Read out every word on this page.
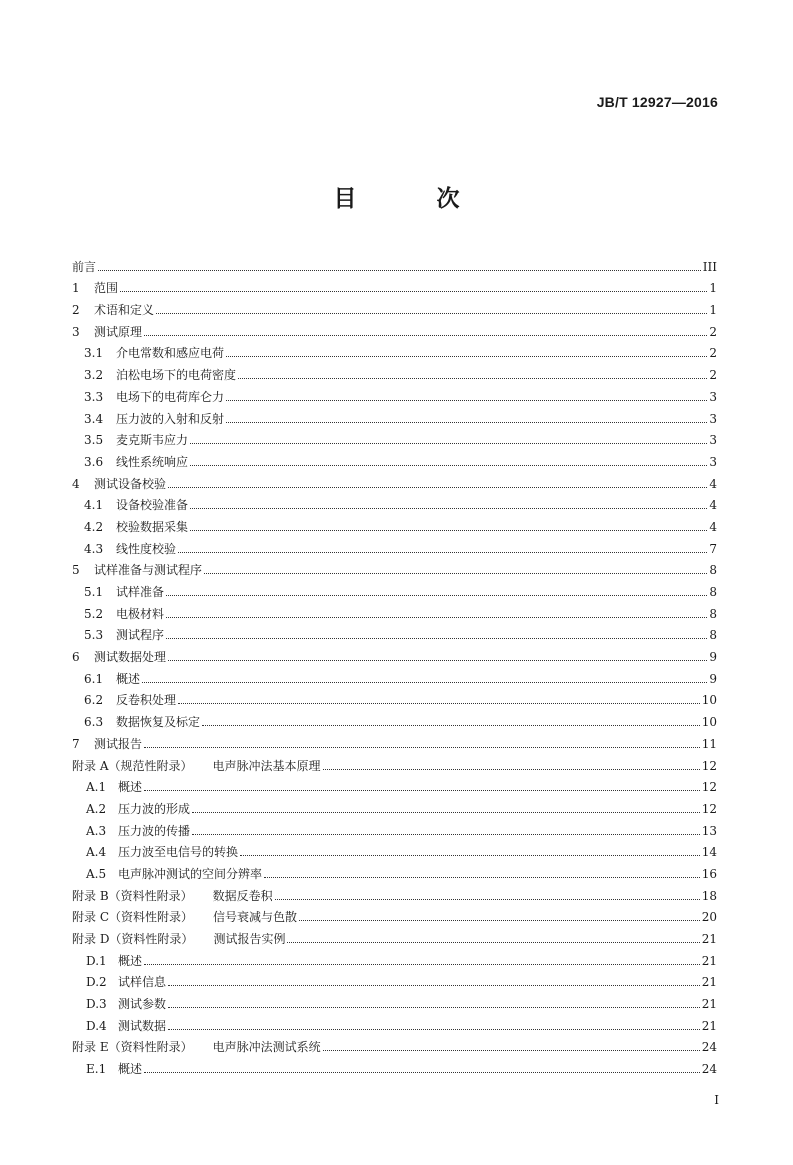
JB/T 12927—2016
目 次
前言	III
1	范围	1
2	术语和定义	1
3	测试原理	2
3.1	介电常数和感应电荷	2
3.2	泊松电场下的电荷密度	2
3.3	电场下的电荷库仑力	3
3.4	压力波的入射和反射	3
3.5	麦克斯韦应力	3
3.6	线性系统响应	3
4	测试设备校验	4
4.1	设备校验准备	4
4.2	校验数据采集	4
4.3	线性度校验	7
5	试样准备与测试程序	8
5.1	试样准备	8
5.2	电极材料	8
5.3	测试程序	8
6	测试数据处理	9
6.1	概述	9
6.2	反卷积处理	10
6.3	数据恢复及标定	10
7	测试报告	11
附录 A（规范性附录） 电声脉冲法基本原理	12
A.1 概述	12
A.2 压力波的形成	12
A.3 压力波的传播	13
A.4 压力波至电信号的转换	14
A.5 电声脉冲测试的空间分辨率	16
附录 B（资料性附录） 数据反卷积	18
附录 C（资料性附录） 信号衰减与色散	20
附录 D（资料性附录） 测试报告实例	21
D.1 概述	21
D.2 试样信息	21
D.3 测试参数	21
D.4 测试数据	21
附录 E（资料性附录） 电声脉冲法测试系统	24
E.1 概述	24
I
